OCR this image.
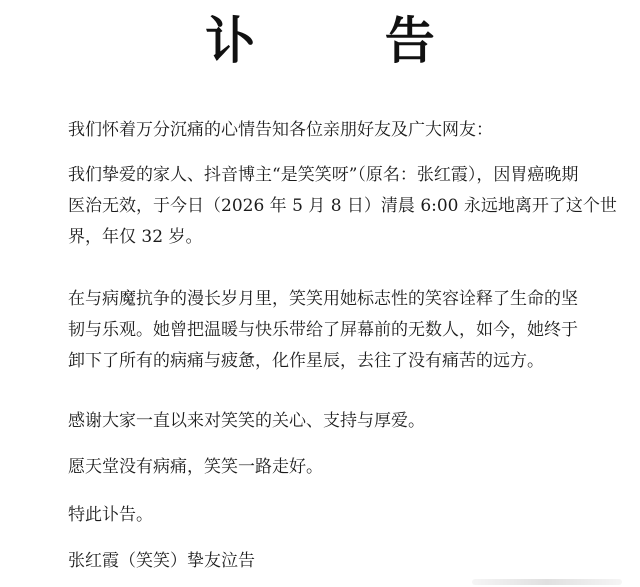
讣 告

我们怀着万分沉痛的心情告知各位亲朋好友及广大网友：

我们挚爱的家人、抖音博主“是笑笑呀”（原名：张红霞），因胃癌晚期
医治无效，于今日（2026 年 5 月 8 日）清晨 6:00 永远地离开了这个世
界，年仅 32 岁。
在与病魔抗争的漫长岁月里，笑笑用她标志性的笑容诠释了生命的坚
韧与乐观。她曾把温暖与快乐带给了屏幕前的无数人，如今，她终于
卸下了所有的病痛与疲惫，化作星辰，去往了没有痛苦的远方。

感谢大家一直以来对笑笑的关心、支持与厚爱。

愿天堂没有病痛，笑笑一路走好。

特此讣告。

张红霞（笑笑）挚友泣告
